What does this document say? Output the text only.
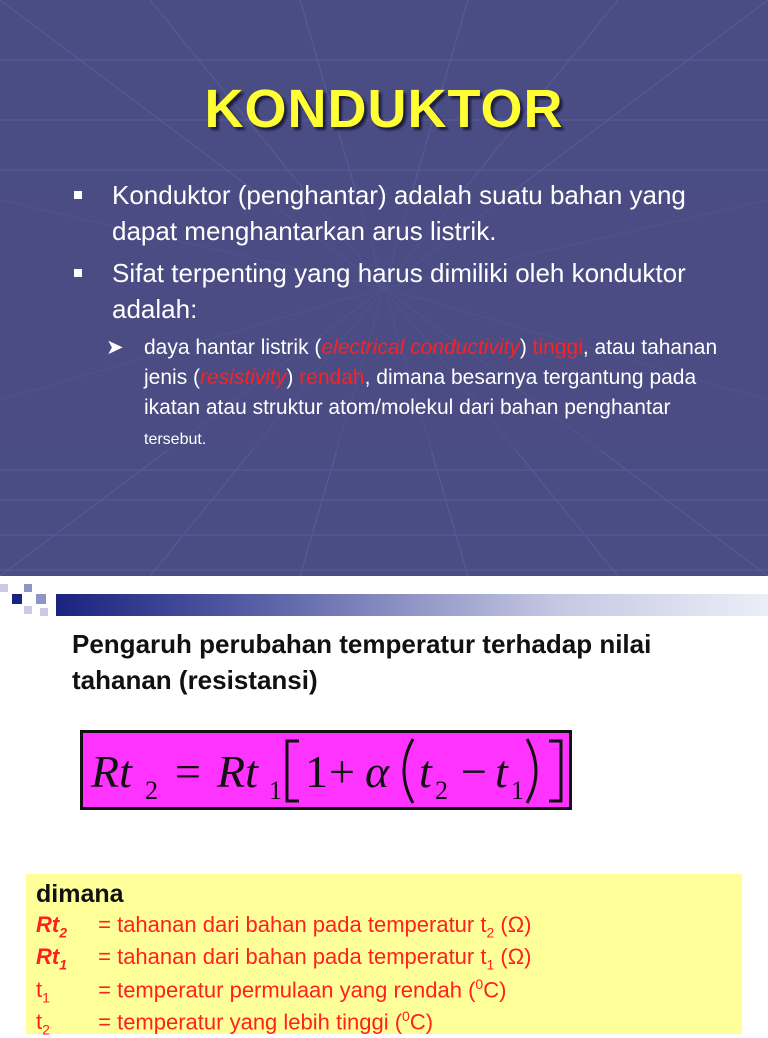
KONDUKTOR
Konduktor (penghantar) adalah suatu bahan yang dapat menghantarkan arus listrik.
Sifat terpenting yang harus dimiliki oleh konduktor adalah:
➤ daya hantar listrik (electrical conductivity) tinggi, atau tahanan jenis (resistivity) rendah, dimana besarnya tergantung pada ikatan atau struktur atom/molekul dari bahan penghantar tersebut.
Pengaruh perubahan temperatur terhadap nilai tahanan (resistansi)
Rt 2 = Rt 1 1 + α t 2 − t 1
dimana
$Rt_2$ = tahanan dari bahan pada temperatur $t_2$ (Ω)
$Rt_1$ = tahanan dari bahan pada temperatur $t_1$ (Ω)
$t_1$ = temperatur permulaan yang rendah ($^0$C)
$t_2$ = temperatur yang lebih tinggi ($^0$C)
